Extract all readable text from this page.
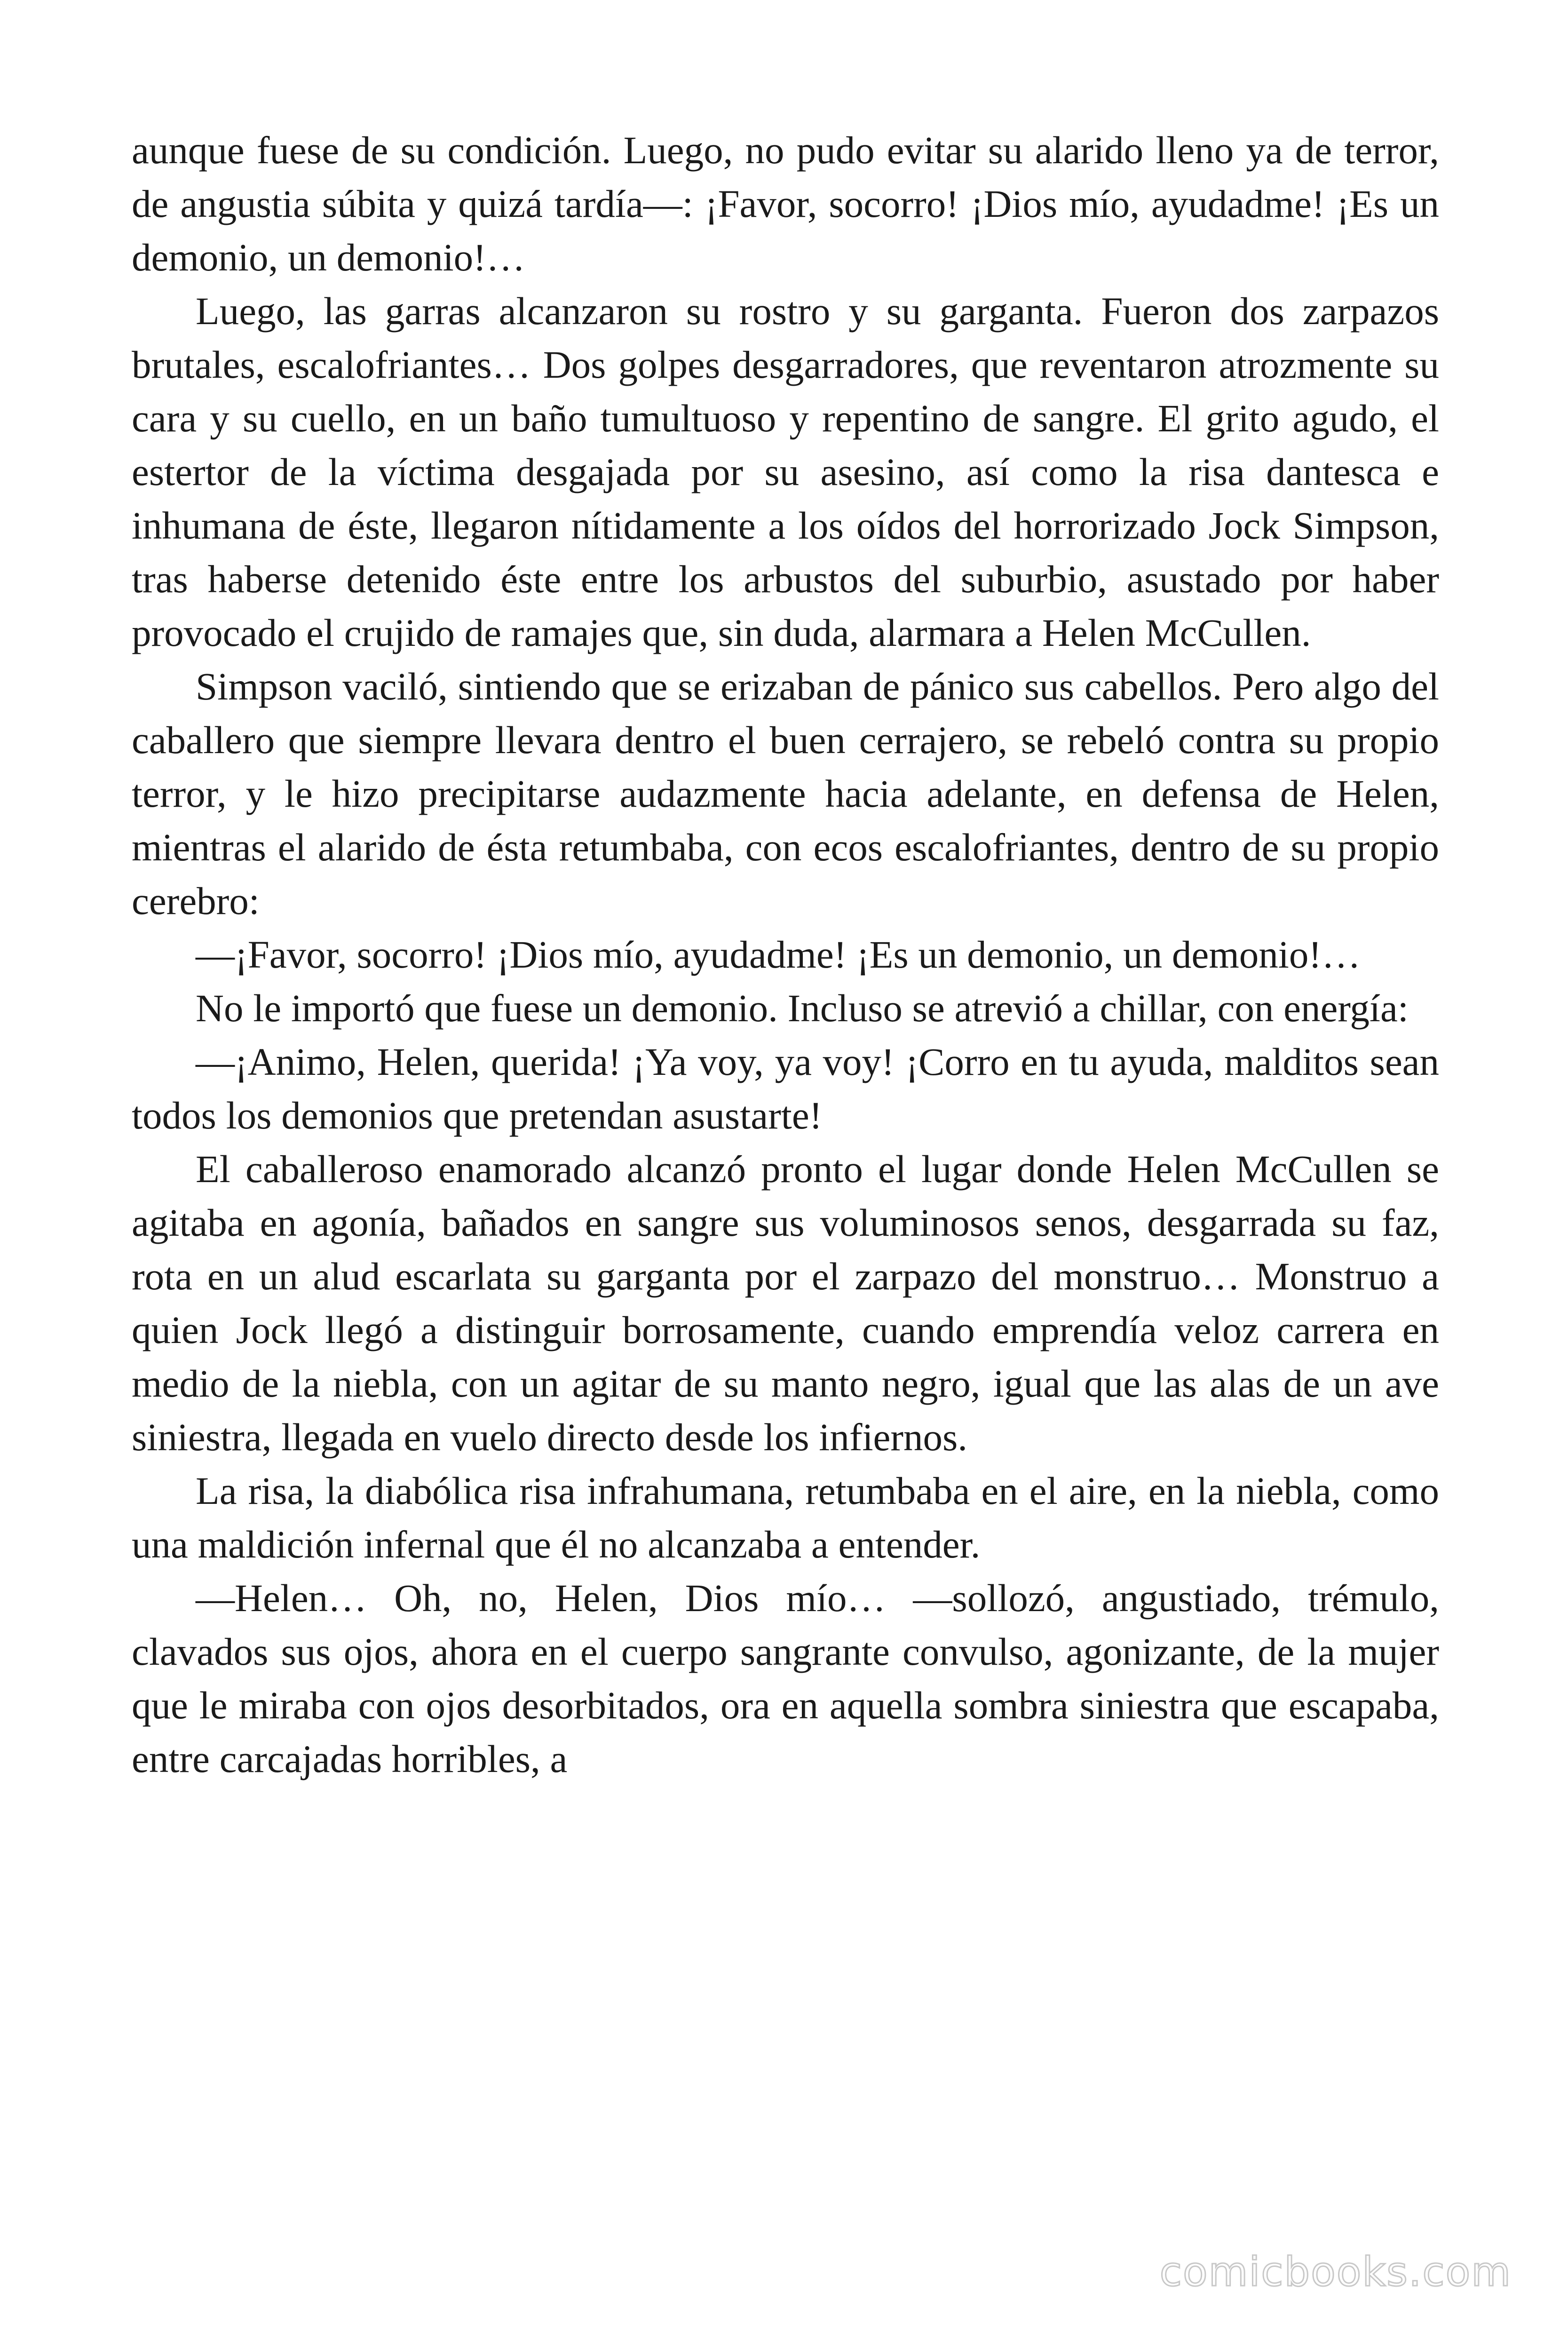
aunque fuese de su condición. Luego, no pudo evitar su alarido lleno ya de terror, de angustia súbita y quizá tardía—: ¡Favor, socorro! ¡Dios mío, ayudadme! ¡Es un demonio, un demonio!…

Luego, las garras alcanzaron su rostro y su garganta. Fueron dos zarpazos brutales, escalofriantes… Dos golpes desgarradores, que reventaron atrozmente su cara y su cuello, en un baño tumultuoso y repentino de sangre. El grito agudo, el estertor de la víctima desgajada por su asesino, así como la risa dantesca e inhumana de éste, llegaron nítidamente a los oídos del horrorizado Jock Simpson, tras haberse detenido éste entre los arbustos del suburbio, asustado por haber provocado el crujido de ramajes que, sin duda, alarmara a Helen McCullen.

Simpson vaciló, sintiendo que se erizaban de pánico sus cabellos. Pero algo del caballero que siempre llevara dentro el buen cerrajero, se rebeló contra su propio terror, y le hizo precipitarse audazmente hacia adelante, en defensa de Helen, mientras el alarido de ésta retumbaba, con ecos escalofriantes, dentro de su propio cerebro:

—¡Favor, socorro! ¡Dios mío, ayudadme! ¡Es un demonio, un demonio!…

No le importó que fuese un demonio. Incluso se atrevió a chillar, con energía:

—¡Animo, Helen, querida! ¡Ya voy, ya voy! ¡Corro en tu ayuda, malditos sean todos los demonios que pretendan asustarte!

El caballeroso enamorado alcanzó pronto el lugar donde Helen McCullen se agitaba en agonía, bañados en sangre sus voluminosos senos, desgarrada su faz, rota en un alud escarlata su garganta por el zarpazo del monstruo… Monstruo a quien Jock llegó a distinguir borrosamente, cuando emprendía veloz carrera en medio de la niebla, con un agitar de su manto negro, igual que las alas de un ave siniestra, llegada en vuelo directo desde los infiernos.

La risa, la diabólica risa infrahumana, retumbaba en el aire, en la niebla, como una maldición infernal que él no alcanzaba a entender.

—Helen… Oh, no, Helen, Dios mío… —sollozó, angustiado, trémulo, clavados sus ojos, ahora en el cuerpo sangrante convulso, agonizante, de la mujer que le miraba con ojos desorbitados, ora en aquella sombra siniestra que escapaba, entre carcajadas horribles, a

comicbooks.com
